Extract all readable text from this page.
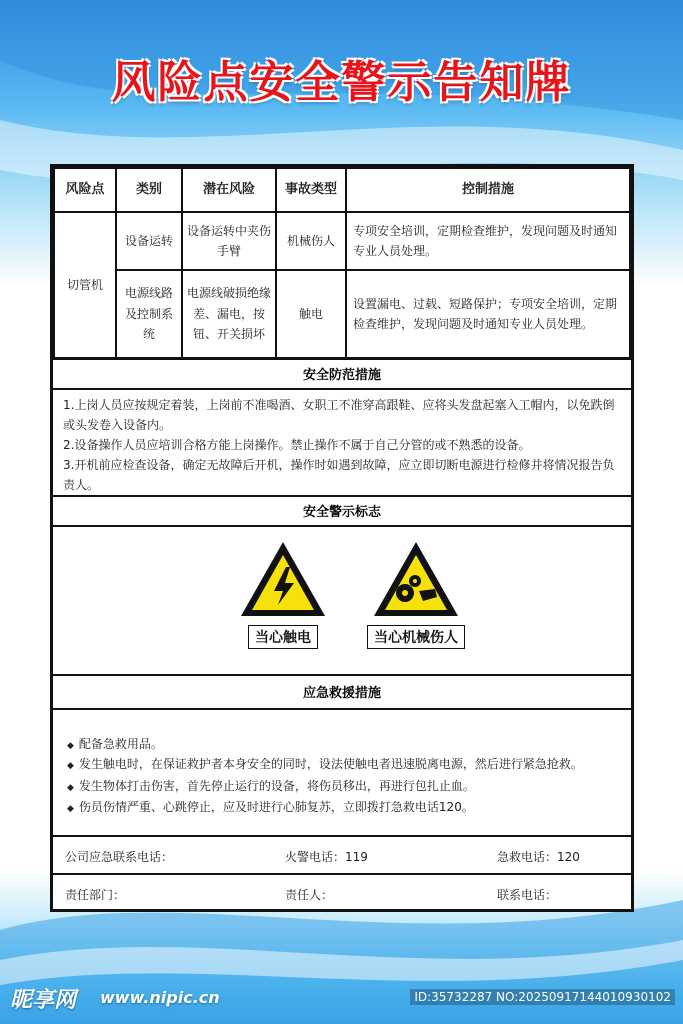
风险点安全警示告知牌
风险点	类别	潜在风险	事故类型	控制措施
切管机	设备运转	设备运转中夹伤手臂	机械伤人	专项安全培训，定期检查维护，发现问题及时通知专业人员处理。
	电源线路及控制系统	电源线破损绝缘差、漏电，按钮、开关损坏	触电	设置漏电、过载、短路保护；专项安全培训，定期检查维护，发现问题及时通知专业人员处理。
安全防范措施
1.上岗人员应按规定着装，上岗前不准喝酒、女职工不准穿高跟鞋、应将头发盘起塞入工帽内，以免跌倒或头发卷入设备内。
2.设备操作人员应培训合格方能上岗操作。禁止操作不属于自己分管的或不熟悉的设备。
3.开机前应检查设备，确定无故障后开机，操作时如遇到故障，应立即切断电源进行检修并将情况报告负责人。
安全警示标志
当心触电	当心机械伤人
应急救援措施
◆ 配备急救用品。
◆ 发生触电时，在保证救护者本身安全的同时，设法使触电者迅速脱离电源，然后进行紧急抢救。
◆ 发生物体打击伤害，首先停止运行的设备，将伤员移出，再进行包扎止血。
◆ 伤员伤情严重、心跳停止，应及时进行心肺复苏，立即拨打急救电话120。
公司应急联系电话：	火警电话：119	急救电话：120
责任部门：	责任人：	联系电话：
昵享网 www.nipic.cn	ID:35732287 NO:20250917144010930102
